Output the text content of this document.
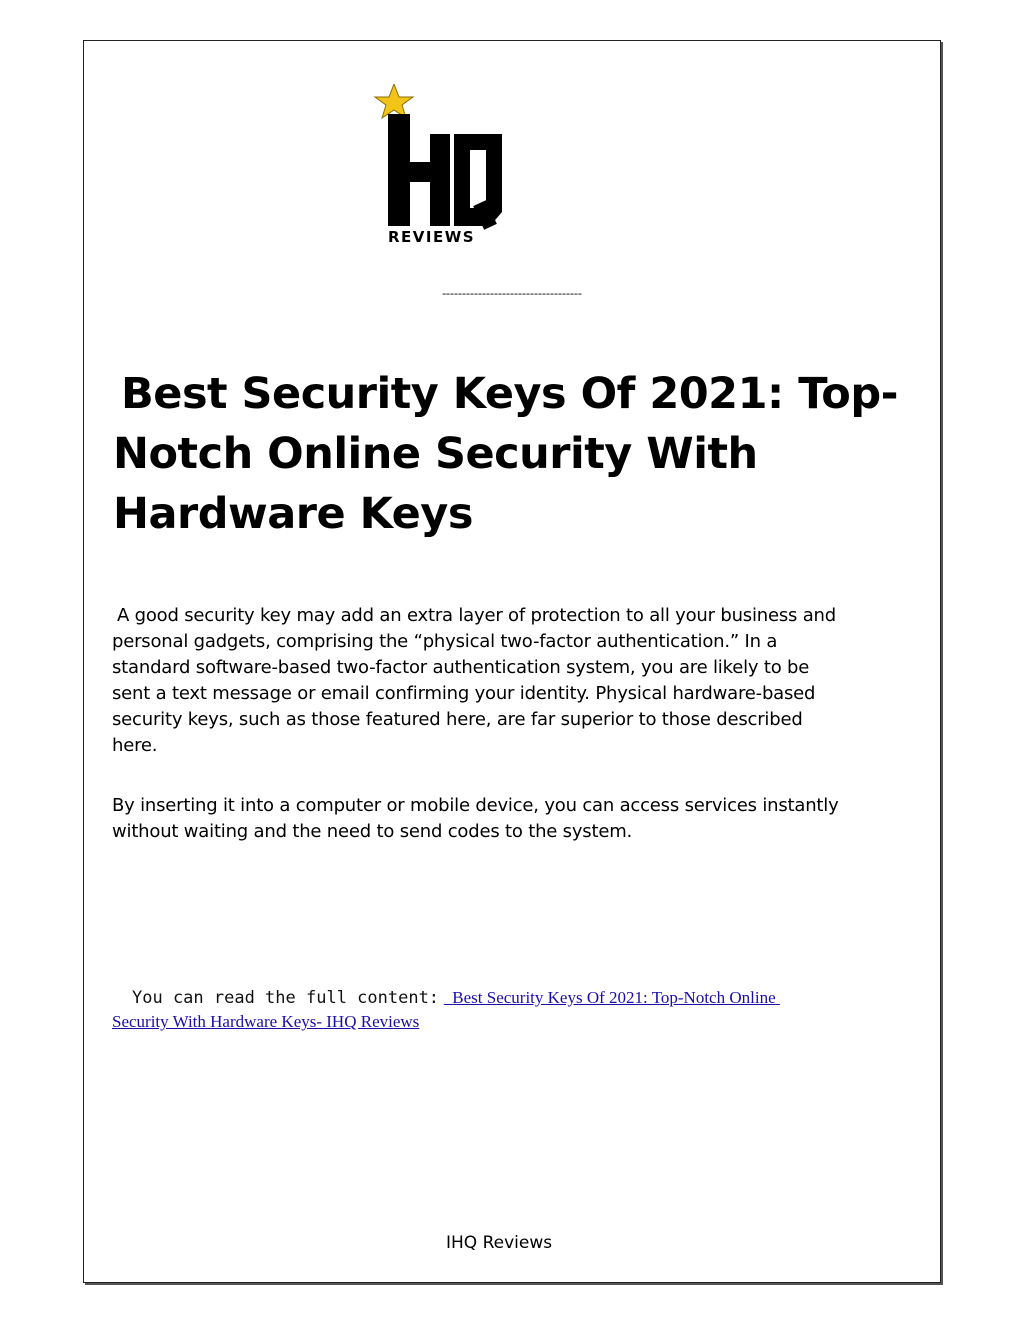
REVIEWS
-----------------------------------
Best Security Keys Of 2021: Top-
Notch Online Security With
Hardware Keys
A good security key may add an extra layer of protection to all your business and
personal gadgets, comprising the “physical two-factor authentication.” In a
standard software-based two-factor authentication system, you are likely to be
sent a text message or email confirming your identity. Physical hardware-based
security keys, such as those featured here, are far superior to those described
here.
By inserting it into a computer or mobile device, you can access services instantly
without waiting and the need to send codes to the system.
You can read the full content: Best Security Keys Of 2021: Top-Notch Online
Security With Hardware Keys- IHQ Reviews
IHQ Reviews
